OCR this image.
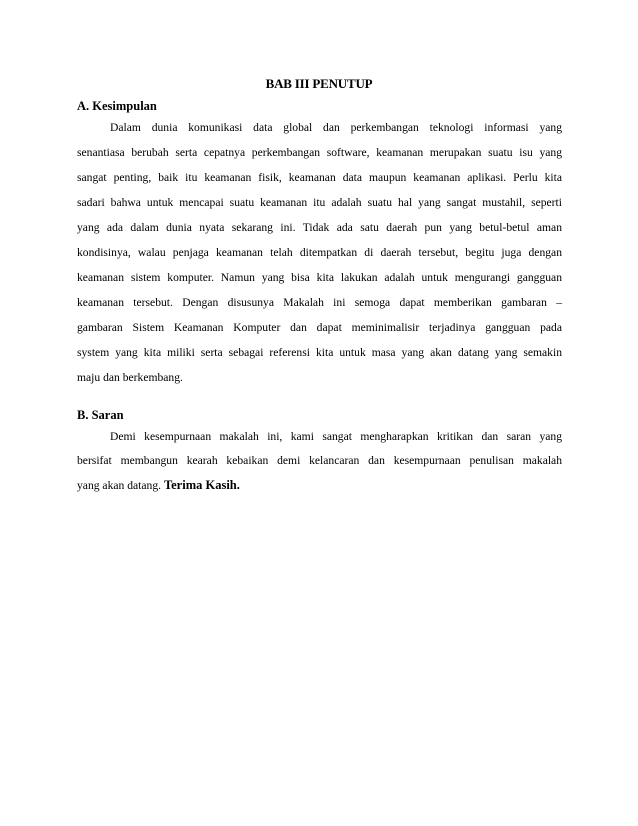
BAB III PENUTUP
A. Kesimpulan
Dalam dunia komunikasi data global dan perkembangan teknologi informasi yang
senantiasa berubah serta cepatnya perkembangan software, keamanan merupakan suatu isu yang
sangat penting, baik itu keamanan fisik, keamanan data maupun keamanan aplikasi. Perlu kita
sadari bahwa untuk mencapai suatu keamanan itu adalah suatu hal yang sangat mustahil, seperti
yang ada dalam dunia nyata sekarang ini. Tidak ada satu daerah pun yang betul-betul aman
kondisinya, walau penjaga keamanan telah ditempatkan di daerah tersebut, begitu juga dengan
keamanan sistem komputer. Namun yang bisa kita lakukan adalah untuk mengurangi gangguan
keamanan tersebut. Dengan disusunya Makalah ini semoga dapat memberikan gambaran –
gambaran Sistem Keamanan Komputer dan dapat meminimalisir terjadinya gangguan pada
system yang kita miliki serta sebagai referensi kita untuk masa yang akan datang yang semakin
maju dan berkembang.
B. Saran
Demi kesempurnaan makalah ini, kami sangat mengharapkan kritikan dan saran yang
bersifat membangun kearah kebaikan demi kelancaran dan kesempurnaan penulisan makalah
yang akan datang. Terima Kasih.
